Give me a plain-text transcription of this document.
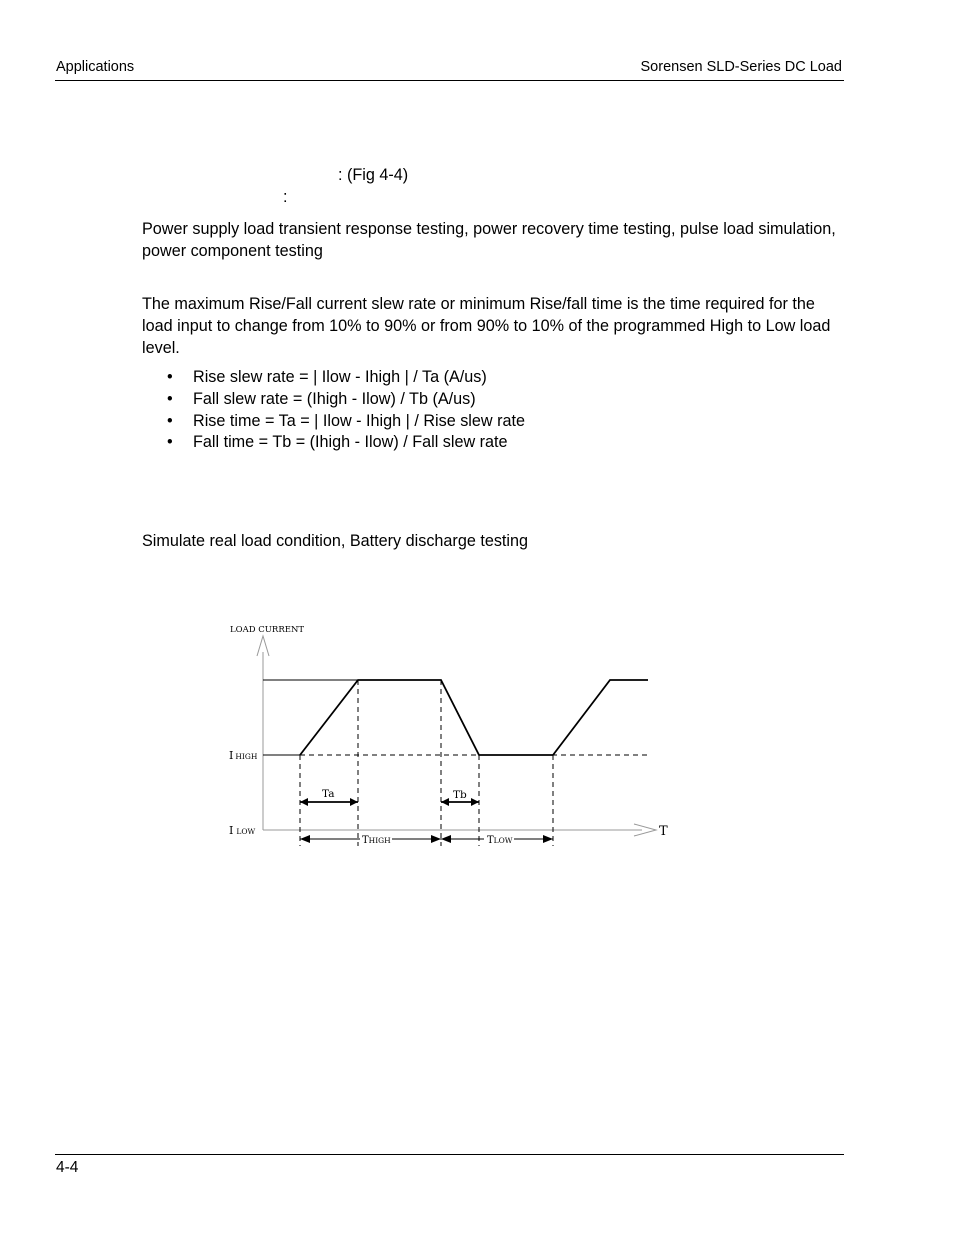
Applications	Sorensen SLD-Series DC Load
: (Fig 4-4)
:

Power supply load transient response testing, power recovery time testing, pulse load simulation, power component testing

The maximum Rise/Fall current slew rate or minimum Rise/fall time is the time required for the load input to change from 10% to 90% or from 90% to 10% of the programmed High to Low load level.

• Rise slew rate = | Ilow - Ihigh | / Ta (A/us)
• Fall slew rate = (Ihigh - Ilow) / Tb (A/us)
• Rise time = Ta = | Ilow - Ihigh | / Rise slew rate
• Fall time = Tb = (Ihigh - Ilow) / Fall slew rate

Simulate real load condition, Battery discharge testing

LOAD CURRENT
I HIGH
I LOW
Ta	Tb
THIGH	TLOW
T
4-4
